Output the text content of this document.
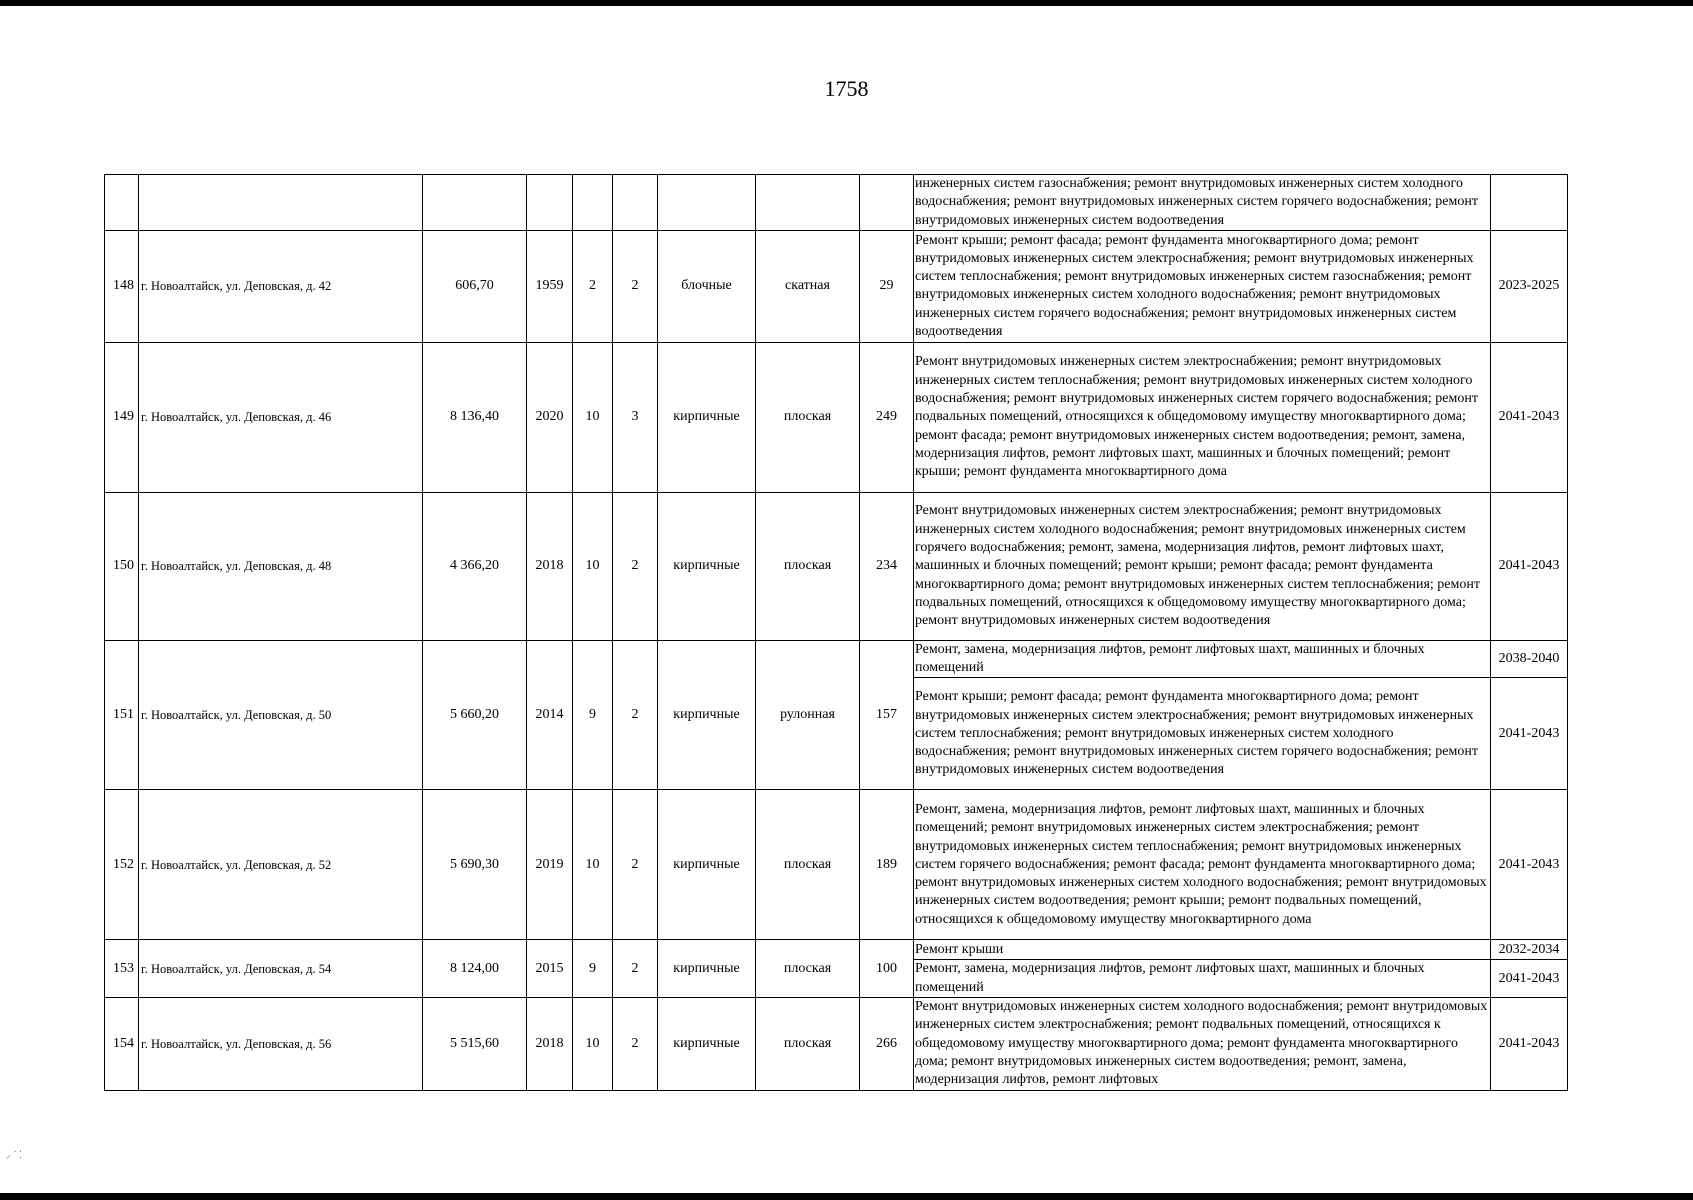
1758
									инженерных систем газоснабжения; ремонт внутридомовых инженерных систем холодного водоснабжения; ремонт внутридомовых инженерных систем горячего водоснабжения; ремонт внутридомовых инженерных систем водоотведения	
148	г. Новоалтайск, ул. Деповская, д. 42	606,70	1959	2	2	блочные	скатная	29	Ремонт крыши; ремонт фасада; ремонт фундамента многоквартирного дома; ремонт внутридомовых инженерных систем электроснабжения; ремонт внутридомовых инженерных систем теплоснабжения; ремонт внутридомовых инженерных систем газоснабжения; ремонт внутридомовых инженерных систем холодного водоснабжения; ремонт внутридомовых инженерных систем горячего водоснабжения; ремонт внутридомовых инженерных систем водоотведения	2023-2025
149	г. Новоалтайск, ул. Деповская, д. 46	8 136,40	2020	10	3	кирпичные	плоская	249	Ремонт внутридомовых инженерных систем электроснабжения; ремонт внутридомовых инженерных систем теплоснабжения; ремонт внутридомовых инженерных систем холодного водоснабжения; ремонт внутридомовых инженерных систем горячего водоснабжения; ремонт подвальных помещений, относящихся к общедомовому имуществу многоквартирного дома; ремонт фасада; ремонт внутридомовых инженерных систем водоотведения; ремонт, замена, модернизация лифтов, ремонт лифтовых шахт, машинных и блочных помещений; ремонт крыши; ремонт фундамента многоквартирного дома	2041-2043
150	г. Новоалтайск, ул. Деповская, д. 48	4 366,20	2018	10	2	кирпичные	плоская	234	Ремонт внутридомовых инженерных систем электроснабжения; ремонт внутридомовых инженерных систем холодного водоснабжения; ремонт внутридомовых инженерных систем горячего водоснабжения; ремонт, замена, модернизация лифтов, ремонт лифтовых шахт, машинных и блочных помещений; ремонт крыши; ремонт фасада; ремонт фундамента многоквартирного дома; ремонт внутридомовых инженерных систем теплоснабжения; ремонт подвальных помещений, относящихся к общедомовому имуществу многоквартирного дома; ремонт внутридомовых инженерных систем водоотведения	2041-2043
151	г. Новоалтайск, ул. Деповская, д. 50	5 660,20	2014	9	2	кирпичные	рулонная	157	Ремонт, замена, модернизация лифтов, ремонт лифтовых шахт, машинных и блочных помещений	2038-2040
									Ремонт крыши; ремонт фасада; ремонт фундамента многоквартирного дома; ремонт внутридомовых инженерных систем электроснабжения; ремонт внутридомовых инженерных систем теплоснабжения; ремонт внутридомовых инженерных систем холодного водоснабжения; ремонт внутридомовых инженерных систем горячего водоснабжения; ремонт внутридомовых инженерных систем водоотведения	2041-2043
152	г. Новоалтайск, ул. Деповская, д. 52	5 690,30	2019	10	2	кирпичные	плоская	189	Ремонт, замена, модернизация лифтов, ремонт лифтовых шахт, машинных и блочных помещений; ремонт внутридомовых инженерных систем электроснабжения; ремонт внутридомовых инженерных систем теплоснабжения; ремонт внутридомовых инженерных систем горячего водоснабжения; ремонт фасада; ремонт фундамента многоквартирного дома; ремонт внутридомовых инженерных систем холодного водоснабжения; ремонт внутридомовых инженерных систем водоотведения; ремонт крыши; ремонт подвальных помещений, относящихся к общедомовому имуществу многоквартирного дома	2041-2043
153	г. Новоалтайск, ул. Деповская, д. 54	8 124,00	2015	9	2	кирпичные	плоская	100	Ремонт крыши	2032-2034
									Ремонт, замена, модернизация лифтов, ремонт лифтовых шахт, машинных и блочных помещений	2041-2043
154	г. Новоалтайск, ул. Деповская, д. 56	5 515,60	2018	10	2	кирпичные	плоская	266	Ремонт внутридомовых инженерных систем холодного водоснабжения; ремонт внутридомовых инженерных систем электроснабжения; ремонт подвальных помещений, относящихся к общедомовому имуществу многоквартирного дома; ремонт фундамента многоквартирного дома; ремонт внутридомовых инженерных систем водоотведения; ремонт, замена, модернизация лифтов, ремонт лифтовых	2041-2043
⸝ ˙ ⁚
